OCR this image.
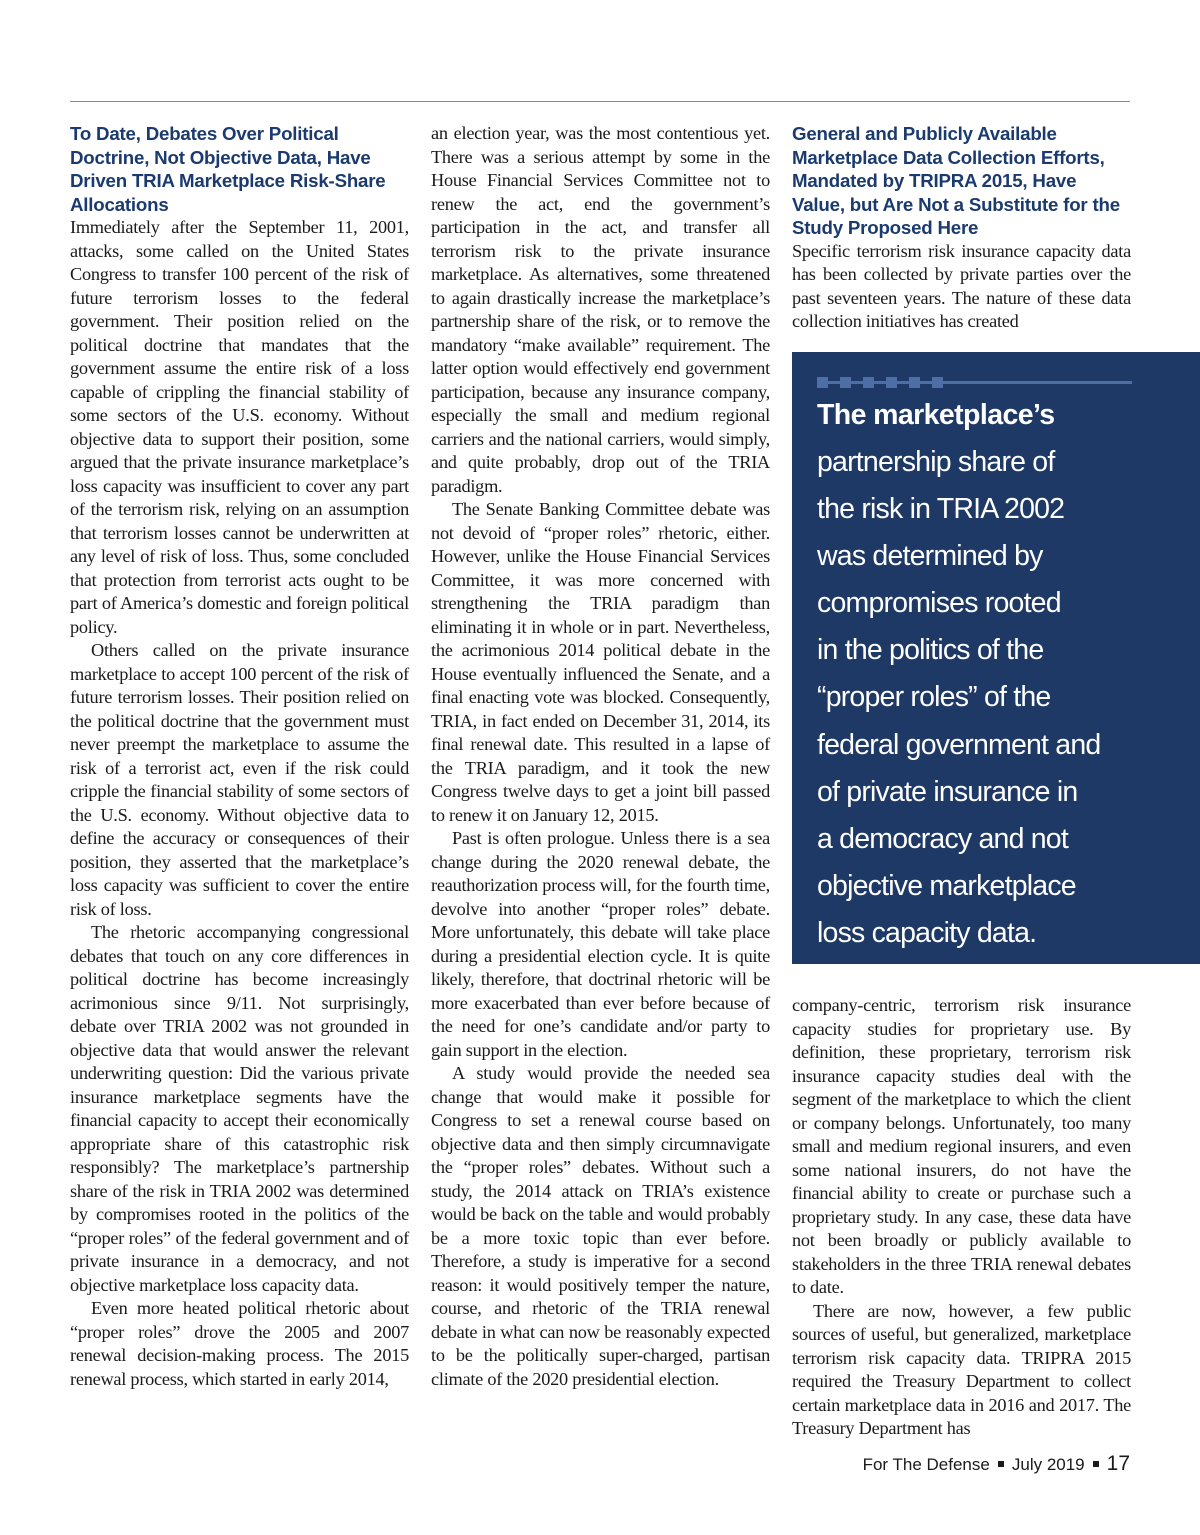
To Date, Debates Over Political Doctrine, Not Objective Data, Have Driven TRIA Marketplace Risk-Share Allocations

Immediately after the September 11, 2001, attacks, some called on the United States Congress to transfer 100 percent of the risk of future terrorism losses to the federal government. Their position relied on the political doctrine that mandates that the government assume the entire risk of a loss capable of crippling the financial stability of some sectors of the U.S. economy. Without objective data to support their position, some argued that the private insurance marketplace’s loss capacity was insufficient to cover any part of the terrorism risk, relying on an assumption that terrorism losses cannot be underwritten at any level of risk of loss. Thus, some concluded that protection from terrorist acts ought to be part of America’s domestic and foreign political policy.

Others called on the private insurance marketplace to accept 100 percent of the risk of future terrorism losses. Their position relied on the political doctrine that the government must never preempt the marketplace to assume the risk of a terrorist act, even if the risk could cripple the financial stability of some sectors of the U.S. economy. Without objective data to define the accuracy or consequences of their position, they asserted that the marketplace’s loss capacity was sufficient to cover the entire risk of loss.

The rhetoric accompanying congressional debates that touch on any core differences in political doctrine has become increasingly acrimonious since 9/11. Not surprisingly, debate over TRIA 2002 was not grounded in objective data that would answer the relevant underwriting question: Did the various private insurance marketplace segments have the financial capacity to accept their economically appropriate share of this catastrophic risk responsibly? The marketplace’s partnership share of the risk in TRIA 2002 was determined by compromises rooted in the politics of the “proper roles” of the federal government and of private insurance in a democracy, and not objective marketplace loss capacity data.

Even more heated political rhetoric about “proper roles” drove the 2005 and 2007 renewal decision-making process. The 2015 renewal process, which started in early 2014,

an election year, was the most contentious yet. There was a serious attempt by some in the House Financial Services Committee not to renew the act, end the government’s participation in the act, and transfer all terrorism risk to the private insurance marketplace. As alternatives, some threatened to again drastically increase the marketplace’s partnership share of the risk, or to remove the mandatory “make available” requirement. The latter option would effectively end government participation, because any insurance company, especially the small and medium regional carriers and the national carriers, would simply, and quite probably, drop out of the TRIA paradigm.

The Senate Banking Committee debate was not devoid of “proper roles” rhetoric, either. However, unlike the House Financial Services Committee, it was more concerned with strengthening the TRIA paradigm than eliminating it in whole or in part. Nevertheless, the acrimonious 2014 political debate in the House eventually influenced the Senate, and a final enacting vote was blocked. Consequently, TRIA, in fact ended on December 31, 2014, its final renewal date. This resulted in a lapse of the TRIA paradigm, and it took the new Congress twelve days to get a joint bill passed to renew it on January 12, 2015.

Past is often prologue. Unless there is a sea change during the 2020 renewal debate, the reauthorization process will, for the fourth time, devolve into another “proper roles” debate. More unfortunately, this debate will take place during a presidential election cycle. It is quite likely, therefore, that doctrinal rhetoric will be more exacerbated than ever before because of the need for one’s candidate and/or party to gain support in the election.

A study would provide the needed sea change that would make it possible for Congress to set a renewal course based on objective data and then simply circumnavigate the “proper roles” debates. Without such a study, the 2014 attack on TRIA’s existence would be back on the table and would probably be a more toxic topic than ever before. Therefore, a study is imperative for a second reason: it would positively temper the nature, course, and rhetoric of the TRIA renewal debate in what can now be reasonably expected to be the politically super-charged, partisan climate of the 2020 presidential election.

General and Publicly Available Marketplace Data Collection Efforts, Mandated by TRIPRA 2015, Have Value, but Are Not a Substitute for the Study Proposed Here

Specific terrorism risk insurance capacity data has been collected by private parties over the past seventeen years. The nature of these data collection initiatives has created

The marketplace’s
partnership share of
the risk in TRIA 2002
was determined by
compromises rooted
in the politics of the
“proper roles” of the
federal government and
of private insurance in
a democracy and not
objective marketplace
loss capacity data.

company-centric, terrorism risk insurance capacity studies for proprietary use. By definition, these proprietary, terrorism risk insurance capacity studies deal with the segment of the marketplace to which the client or company belongs. Unfortunately, too many small and medium regional insurers, and even some national insurers, do not have the financial ability to create or purchase such a proprietary study. In any case, these data have not been broadly or publicly available to stakeholders in the three TRIA renewal debates to date.

There are now, however, a few public sources of useful, but generalized, marketplace terrorism risk capacity data. TRIPRA 2015 required the Treasury Department to collect certain marketplace data in 2016 and 2017. The Treasury Department has

For The Defense July 2019 17
